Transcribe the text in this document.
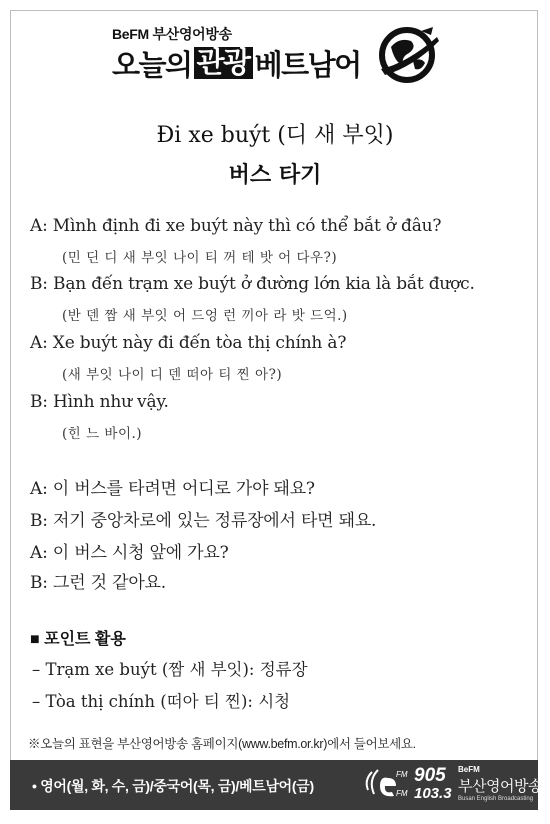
BeFM 부산영어방송
오늘의 관광 베트남어
Đi xe buýt (디 새 부잇)
버스 타기
A: Mình định đi xe buýt này thì có thể bắt ở đâu?
(민 딘 디 새 부잇 나이 티 꺼 테 밧 어 다우?)
B: Bạn đến trạm xe buýt ở đường lớn kia là bắt được.
(반 덴 짬 새 부잇 어 드엉 런 끼아 라 밧 드억.)
A: Xe buýt này đi đến tòa thị chính à?
(새 부잇 나이 디 덴 떠아 티 찐 아?)
B: Hình như vậy.
(힌 느 바이.)
A: 이 버스를 타려면 어디로 가야 돼요?
B: 저기 중앙차로에 있는 정류장에서 타면 돼요.
A: 이 버스 시청 앞에 가요?
B: 그런 것 같아요.
■ 포인트 활용
– Trạm xe buýt (짬 새 부잇): 정류장
– Tòa thị chính (떠아 티 찐): 시청
※오늘의 표현을 부산영어방송 홈페이지(www.befm.or.kr)에서 들어보세요.
• 영어(월, 화, 수, 금)/중국어(목, 금)/베트남어(금)
FM 905
FM 103.3
BeFM
부산영어방송
Busan English Broadcasting
